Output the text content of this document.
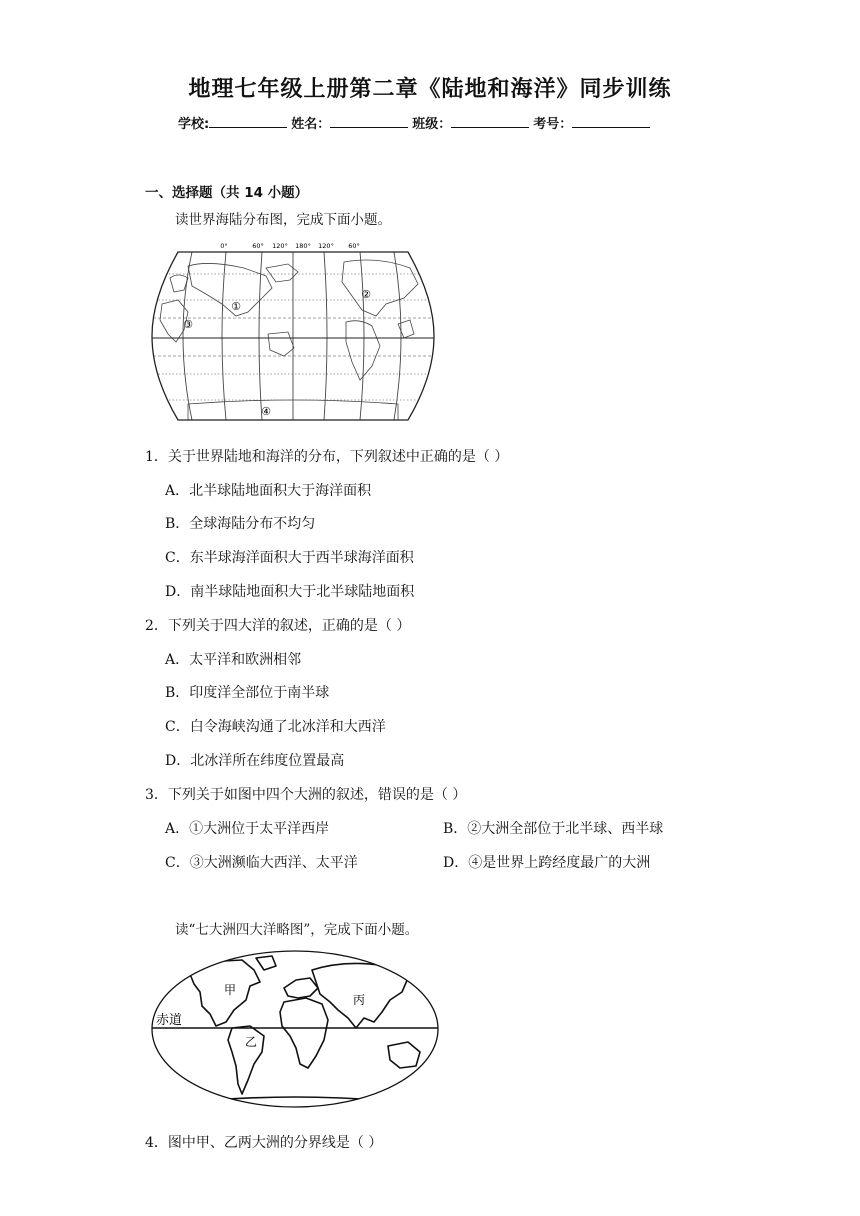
地理七年级上册第二章《陆地和海洋》同步训练
学校:	姓名：	班级：	考号：
一、选择题（共 14 小题）
读世界海陆分布图，完成下面小题。
0°	60° 120° 180° 120° 60°
①
②
③
④
1．关于世界陆地和海洋的分布，下列叙述中正确的是（ ）
A．北半球陆地面积大于海洋面积
B．全球海陆分布不均匀
C．东半球海洋面积大于西半球海洋面积
D．南半球陆地面积大于北半球陆地面积
2．下列关于四大洋的叙述，正确的是（ ）
A．太平洋和欧洲相邻
B．印度洋全部位于南半球
C．白令海峡沟通了北冰洋和大西洋
D．北冰洋所在纬度位置最高
3．下列关于如图中四个大洲的叙述，错误的是（ ）
A．①大洲位于太平洋西岸	B．②大洲全部位于北半球、西半球
C．③大洲濒临大西洋、太平洋	D．④是世界上跨经度最广的大洲
读“七大洲四大洋略图”，完成下面小题。
赤道
甲
乙
丙
4．图中甲、乙两大洲的分界线是（ ）
